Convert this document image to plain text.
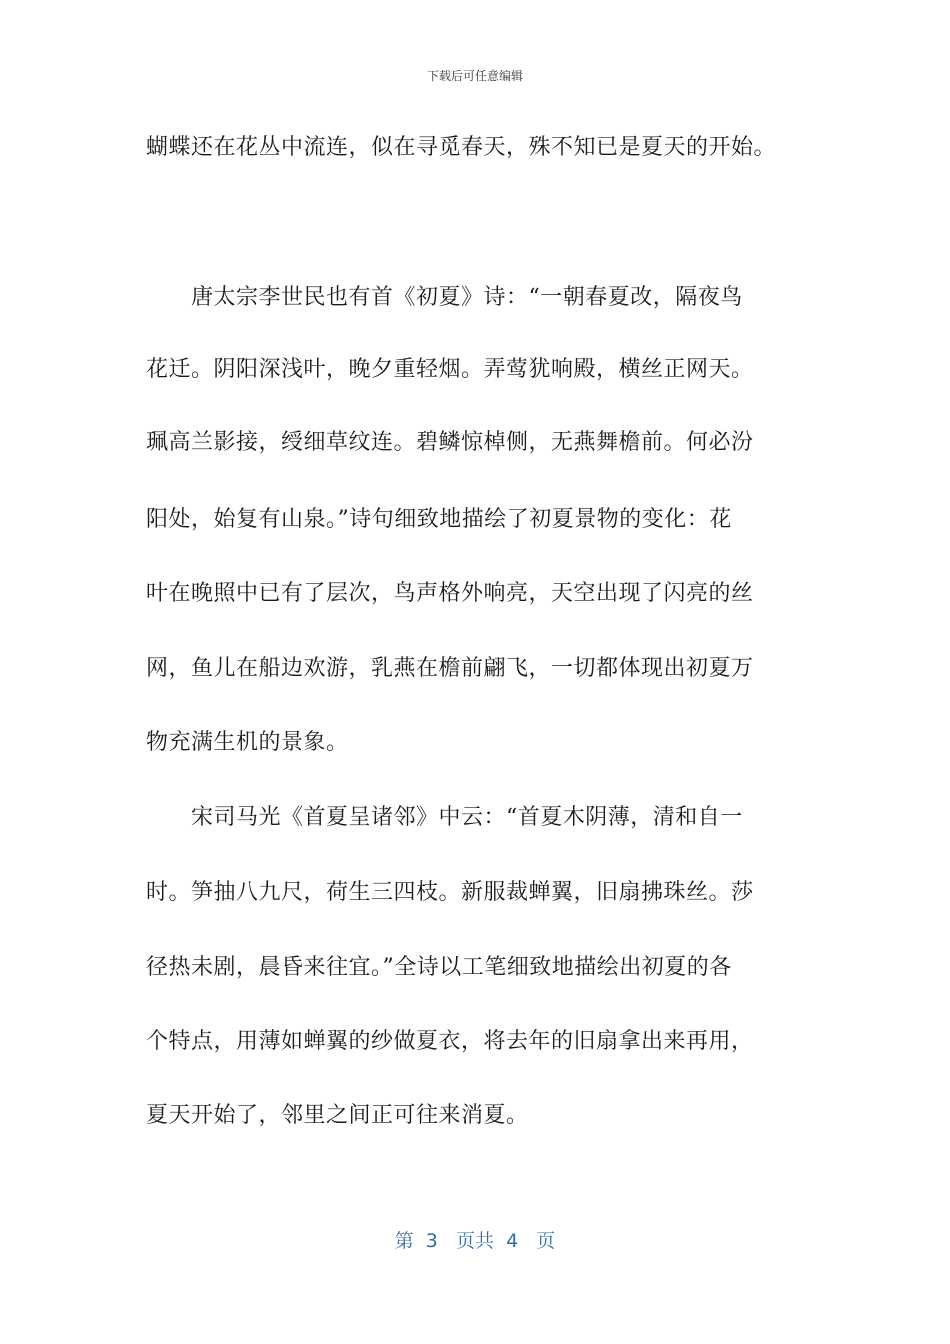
下载后可任意编辑
蝴蝶还在花丛中流连，似在寻觅春天，殊不知已是夏天的开始。
　　唐太宗李世民也有首《初夏》诗：“一朝春夏改，隔夜鸟
花迁。阴阳深浅叶，晚夕重轻烟。弄莺犹响殿，横丝正网天。
珮高兰影接，绶细草纹连。碧鳞惊棹侧，无燕舞檐前。何必汾
阳处，始复有山泉。”诗句细致地描绘了初夏景物的变化：花
叶在晚照中已有了层次，鸟声格外响亮，天空出现了闪亮的丝
网，鱼儿在船边欢游，乳燕在檐前翩飞，一切都体现出初夏万
物充满生机的景象。
　　宋司马光《首夏呈诸邻》中云：“首夏木阴薄，清和自一
时。笋抽八九尺，荷生三四枝。新服裁蝉翼，旧扇拂珠丝。莎
径热未剧，晨昏来往宜。”全诗以工笔细致地描绘出初夏的各
个特点，用薄如蝉翼的纱做夏衣，将去年的旧扇拿出来再用，
夏天开始了，邻里之间正可往来消夏。
第  3   页共  4   页
